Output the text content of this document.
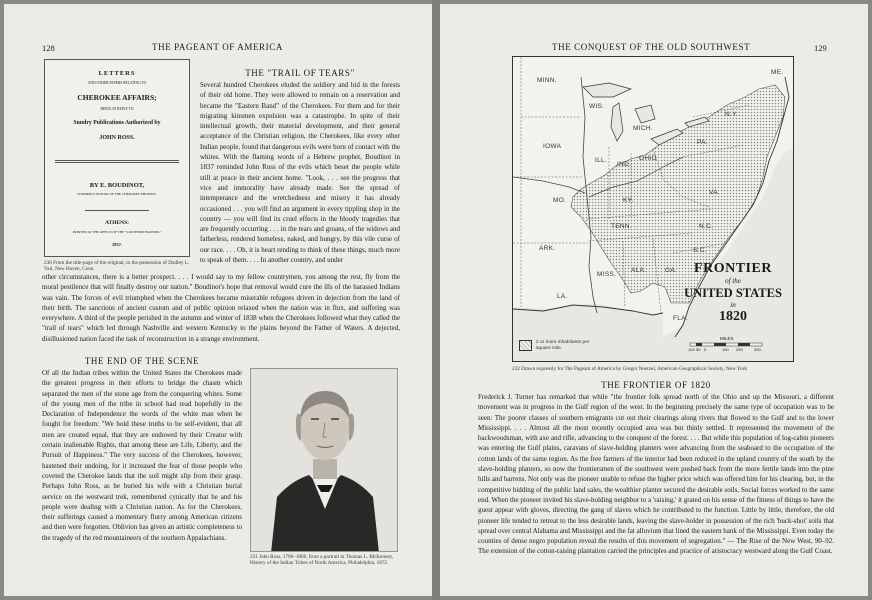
128	THE PAGEANT OF AMERICA
LETTERS
AND OTHER PAPERS RELATING TO
CHEROKEE AFFAIRS;
BEING IN REPLY TO
Sundry Publications Authorized by
JOHN ROSS.
BY E. BOUDINOT,
FORMERLY EDITOR OF THE CHEROKEE PHOENIX.
ATHENS:
PRINTED AT THE OFFICE OF THE "SOUTHERN BANNER."
1837.
230 From the title-page of the original, in the possession of Dudley L. Vail, New Haven, Conn.
THE "TRAIL OF TEARS"
Several hundred Cherokees eluded the soldiery and hid in the forests of their old home. They were allowed to remain on a reservation and became the "Eastern Band" of the Cherokees. For them and for their migrating kinsmen expulsion was a catastrophe. In spite of their intellectual growth, their material development, and their general acceptance of the Christian religion, the Cherokees, like every other Indian people, found that dangerous evils were born of contact with the whites. With the flaming words of a Hebrew prophet, Boudinot in 1837 reminded John Ross of the evils which beset the people while still at peace in their ancient home. "Look, . . . see the progress that vice and immorality have already made. See the spread of intemperance and the wretchedness and misery it has already occasioned . . . you will find an argument in every tippling shop in the country — you will find its cruel effects in the bloody tragedies that are frequently occurring . . . in the tears and groans, of the widows and fatherless, rendered homeless, naked, and hungry, by this vile curse of our race. . . . Oh, it is heart rending to think of these things, much more to speak of them. . . . In another country, and under
other circumstances, there is a better prospect. . . . I would say to my fellow countrymen, you among the rest, fly from the moral pestilence that will finally destroy our nation." Boudinot's hope that removal would cure the ills of the harassed Indians was vain. The forces of evil triumphed when the Cherokees became miserable refugees driven in dejection from the land of their birth. The sanctions of ancient custom and of public opinion relaxed when the nation was in flux, and suffering was everywhere. A third of the people perished in the autumn and winter of 1838 when the Cherokees followed what they called the "trail of tears" which led through Nashville and western Kentucky to the plains beyond the Father of Waters. A dejected, disillusioned nation faced the task of reconstruction in a strange environment.
THE END OF THE SCENE
Of all the Indian tribes within the United States the Cherokees made the greatest progress in their efforts to bridge the chasm which separated the men of the stone age from the conquering whites. Some of the young men of the tribe in school had read hopefully in the Declaration of Independence the words of the white man when he fought for freedom: "We hold these truths to be self-evident, that all men are created equal, that they are endowed by their Creator with certain inalienable Rights, that among these are Life, Liberty, and the Pursuit of Happiness." The very success of the Cherokees, however, hastened their undoing, for it increased the fear of those people who coveted the Cherokee lands that the soil might slip from their grasp. Perhaps John Ross, as he buried his wife with a Christian burial service on the westward trek, remembered cynically that he and his people were dealing with a Christian nation. As for the Cherokees, their sufferings caused a momentary flurry among American citizens and then were forgotten. Oblivion has given an artistic completeness to the tragedy of the red mountaineers of the southern Appalachians.
231 John Ross, 1790–1866, from a portrait in Thomas L. McKenney, History of the Indian Tribes of North America, Philadelphia, 1872
THE CONQUEST OF THE OLD SOUTHWEST	129
MINN.
WIS.
MICH.
IOWA
ILL.
IND.
OHIO
MO.	KY.
TENN.
ARK.
MISS.
ALA.	GA.
LA.
FLA.
N.C.
S.C.
VA.
PA.
N.Y.
ME.
FRONTIER
of the
UNITED STATES
in
1820
2 or more inhabitants per square mile
MILES
100 50 0	100 200	300
232 Drawn expressly for The Pageant of America by Gregor Noetzel, American Geographical Society, New York
THE FRONTIER OF 1820
Frederick J. Turner has remarked that while "the frontier folk spread north of the Ohio and up the Missouri, a different movement was in progress in the Gulf region of the west. In the beginning precisely the same type of occupation was to be seen: The poorer classes of southern emigrants cut out their clearings along rivers that flowed to the Gulf and to the lower Mississippi. . . . Almost all the most recently occupied area was but thinly settled. It represented the movement of the backwoodsman, with axe and rifle, advancing to the conquest of the forest. . . . But while this population of log-cabin pioneers was entering the Gulf plains, caravans of slave-holding planters were advancing from the seaboard to the occupation of the cotton lands of the same region. As the free farmers of the interior had been reduced in the upland country of the south by the slave-holding planters, so now the frontiersmen of the southwest were pushed back from the more fertile lands into the pine hills and barrens. Not only was the pioneer unable to refuse the higher price which was offered him for his clearing, but, in the competitive bidding of the public land sales, the wealthier planter secured the desirable soils. Social forces worked to the same end. When the pioneer invited his slave-holding neighbor to a 'raising,' it grated on his sense of the fitness of things to have the guest appear with gloves, directing the gang of slaves which he contributed to the function. Little by little, therefore, the old pioneer life tended to retreat to the less desirable lands, leaving the slave-holder in possession of the rich 'buck-shot' soils that spread over central Alabama and Mississippi and the fat alluvium that lined the eastern bank of the Mississippi. Even today the counties of dense negro population reveal the results of this movement of segregation." — The Rise of the New West, 90–92. The extension of the cotton-raising plantation carried the principles and practice of aristocracy westward along the Gulf Coast.
